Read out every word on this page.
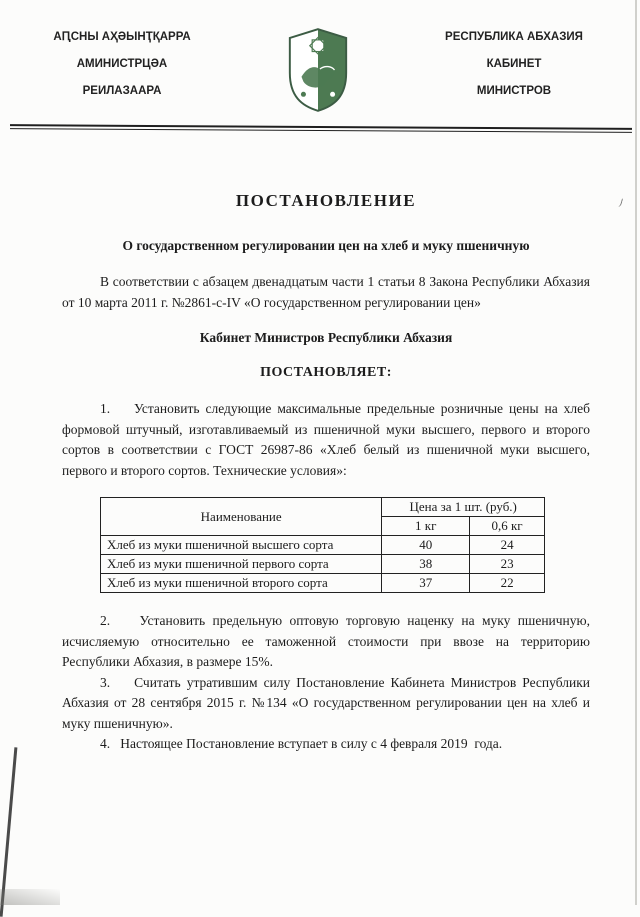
АԤСНЫ АҲӘЫНҬҚАРРА
АМИНИСТРЦӘА
РЕИЛАЗААРА
РЕСПУБЛИКА АБХАЗИЯ
КАБИНЕТ
МИНИСТРОВ
ПОСТАНОВЛЕНИЕ
О государственном регулировании цен на хлеб и муку пшеничную

В соответствии с абзацем двенадцатым части 1 статьи 8 Закона Республики Абхазия от 10 марта 2011 г. №2861-с-IV «О государственном регулировании цен»

Кабинет Министров Республики Абхазия
ПОСТАНОВЛЯЕТ:

1.    Установить следующие максимальные предельные розничные цены на хлеб формовой штучный, изготавливаемый из пшеничной муки высшего, первого и второго сортов в соответствии с ГОСТ 26987-86 «Хлеб белый из пшеничной муки высшего, первого и второго сортов. Технические условия»:

Наименование	Цена за 1 шт. (руб.)	
	1 кг	0,6 кг
Хлеб из муки пшеничной высшего сорта	40	24
Хлеб из муки пшеничной первого сорта	38	23
Хлеб из муки пшеничной второго сорта	37	22

2.    Установить предельную оптовую торговую наценку на муку пшеничную, исчисляемую относительно ее таможенной стоимости при ввозе на территорию Республики Абхазия, в размере 15%.

3.    Считать утратившим силу Постановление Кабинета Министров Республики Абхазия от 28 сентября 2015 г. №134 «О государственном регулировании цен на хлеб и муку пшеничную».

4.   Настоящее Постановление вступает в силу с 4 февраля 2019  года.
